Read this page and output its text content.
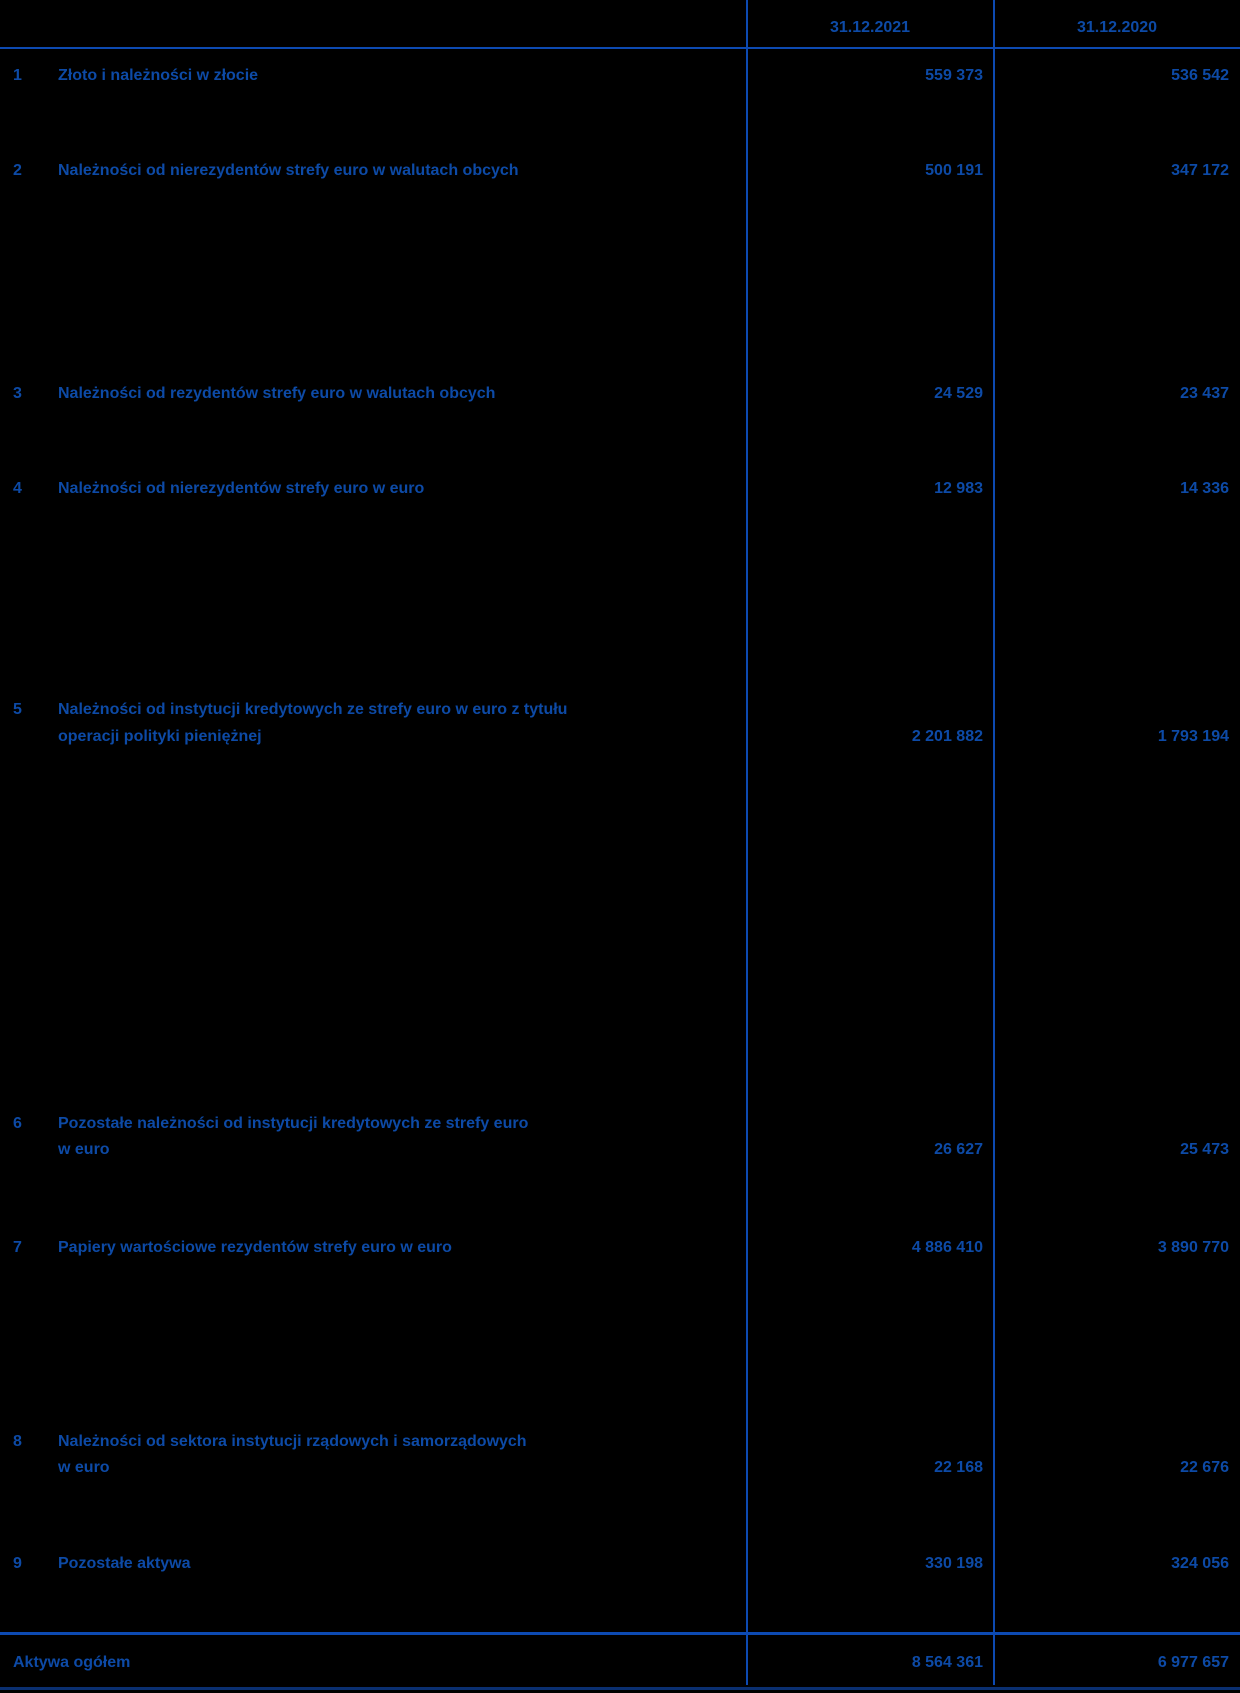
31.12.2021	31.12.2020
1	Złoto i należności w złocie	559 373	536 542
2	Należności od nierezydentów strefy euro w walutach obcych	500 191	347 172
3	Należności od rezydentów strefy euro w walutach obcych	24 529	23 437
4	Należności od nierezydentów strefy euro w euro	12 983	14 336
5	Należności od instytucji kredytowych ze strefy euro w euro z tytułu
operacji polityki pieniężnej	2 201 882	1 793 194
6	Pozostałe należności od instytucji kredytowych ze strefy euro
w euro	26 627	25 473
7	Papiery wartościowe rezydentów strefy euro w euro	4 886 410	3 890 770
8	Należności od sektora instytucji rządowych i samorządowych
w euro	22 168	22 676
9	Pozostałe aktywa	330 198	324 056
Aktywa ogółem	8 564 361	6 977 657
